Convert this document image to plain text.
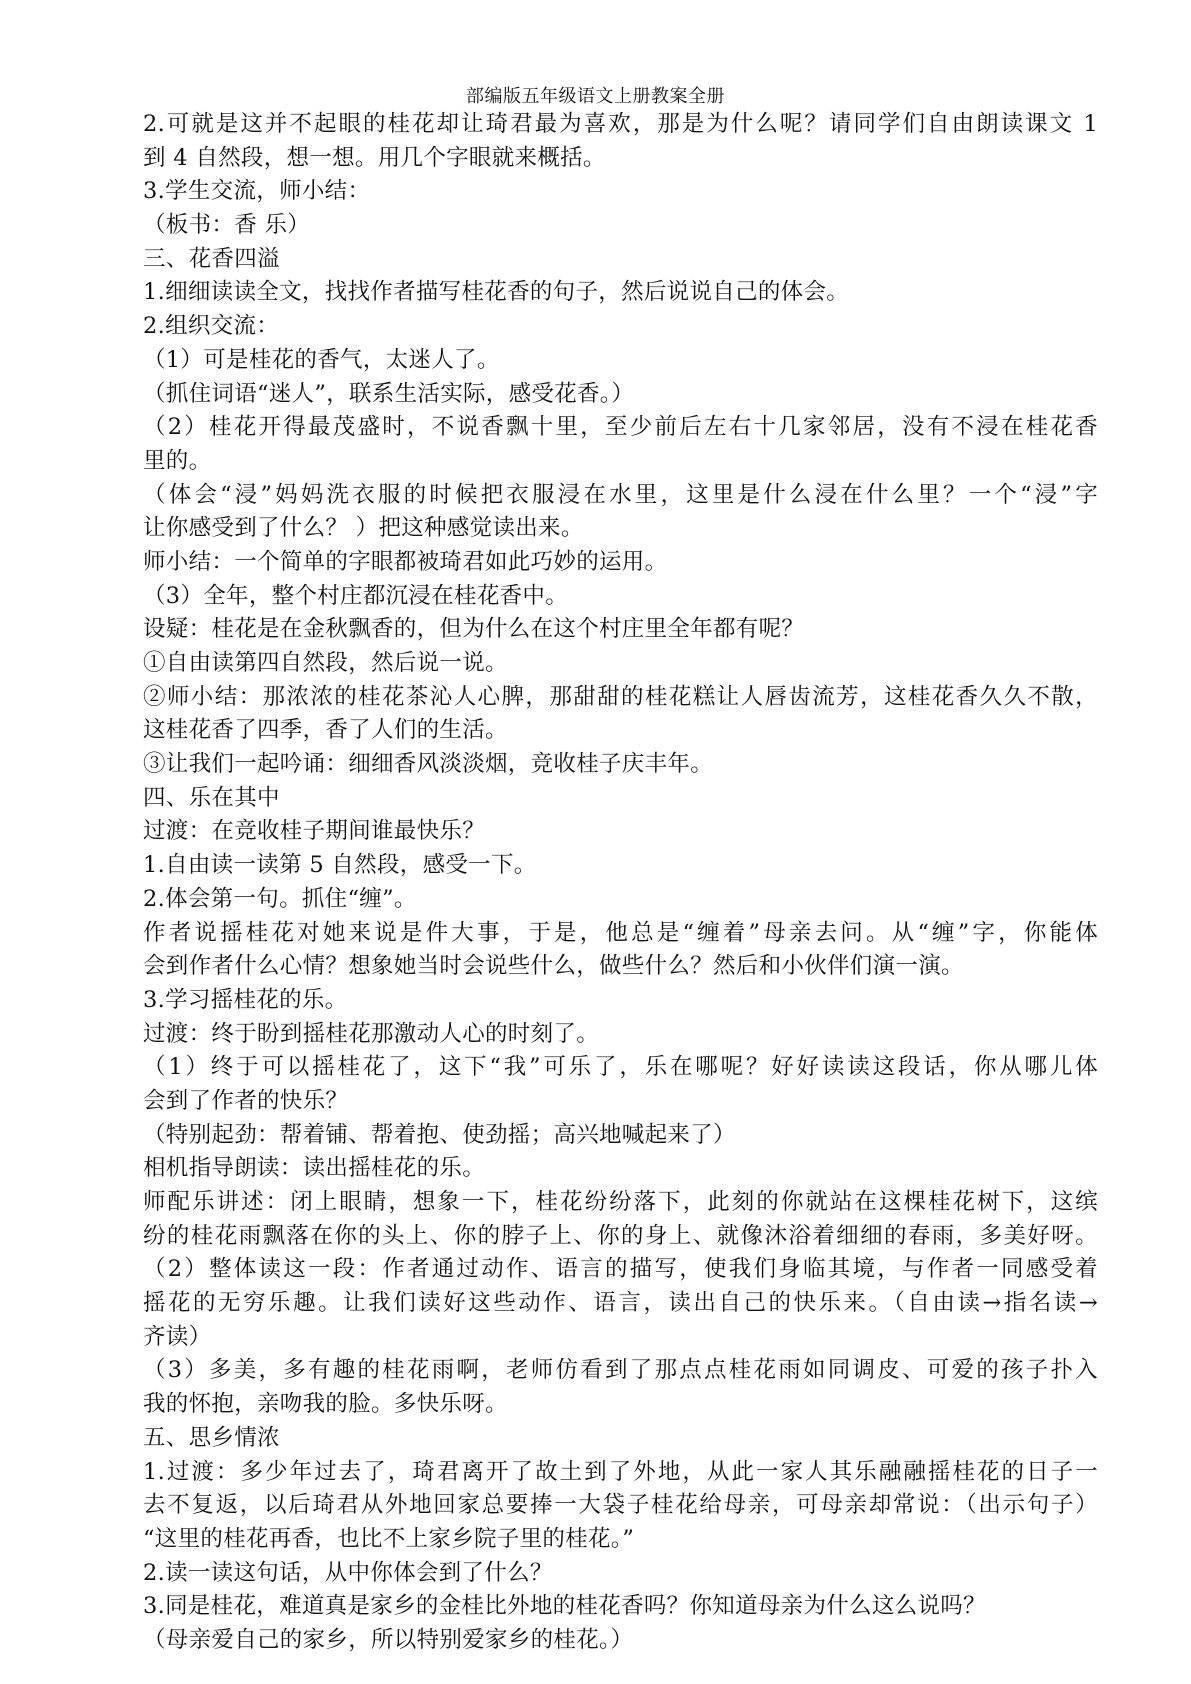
部编版五年级语文上册教案全册
2.可就是这并不起眼的桂花却让琦君最为喜欢，那是为什么呢？请同学们自由朗读课文 1
到 4 自然段，想一想。用几个字眼就来概括。
3.学生交流，师小结：
（板书：香 乐）
三、花香四溢
1.细细读读全文，找找作者描写桂花香的句子，然后说说自己的体会。
2.组织交流：
（1）可是桂花的香气，太迷人了。
（抓住词语“迷人”，联系生活实际，感受花香。）
（2）桂花开得最茂盛时，不说香飘十里，至少前后左右十几家邻居，没有不浸在桂花香
里的。
（体会“浸”妈妈洗衣服的时候把衣服浸在水里，这里是什么浸在什么里？一个“浸”字
让你感受到了什么？ ）把这种感觉读出来。
师小结：一个简单的字眼都被琦君如此巧妙的运用。
（3）全年，整个村庄都沉浸在桂花香中。
设疑：桂花是在金秋飘香的，但为什么在这个村庄里全年都有呢？
①自由读第四自然段，然后说一说。
②师小结：那浓浓的桂花茶沁人心脾，那甜甜的桂花糕让人唇齿流芳，这桂花香久久不散，
这桂花香了四季，香了人们的生活。
③让我们一起吟诵：细细香风淡淡烟，竞收桂子庆丰年。
四、乐在其中
过渡：在竞收桂子期间谁最快乐？
1.自由读一读第 5 自然段，感受一下。
2.体会第一句。抓住“缠”。
作者说摇桂花对她来说是件大事，于是，他总是“缠着”母亲去问。从“缠”字，你能体
会到作者什么心情？想象她当时会说些什么，做些什么？然后和小伙伴们演一演。
3.学习摇桂花的乐。
过渡：终于盼到摇桂花那激动人心的时刻了。
（1）终于可以摇桂花了，这下“我”可乐了，乐在哪呢？好好读读这段话，你从哪儿体
会到了作者的快乐？
（特别起劲：帮着铺、帮着抱、使劲摇；高兴地喊起来了）
相机指导朗读：读出摇桂花的乐。
师配乐讲述：闭上眼睛，想象一下，桂花纷纷落下，此刻的你就站在这棵桂花树下，这缤
纷的桂花雨飘落在你的头上、你的脖子上、你的身上、就像沐浴着细细的春雨，多美好呀。
（2）整体读这一段：作者通过动作、语言的描写，使我们身临其境，与作者一同感受着
摇花的无穷乐趣。让我们读好这些动作、语言，读出自己的快乐来。（自由读→指名读→
齐读）
（3）多美，多有趣的桂花雨啊，老师仿看到了那点点桂花雨如同调皮、可爱的孩子扑入
我的怀抱，亲吻我的脸。多快乐呀。
五、思乡情浓
1.过渡：多少年过去了，琦君离开了故土到了外地，从此一家人其乐融融摇桂花的日子一
去不复返，以后琦君从外地回家总要捧一大袋子桂花给母亲，可母亲却常说：（出示句子）
“这里的桂花再香，也比不上家乡院子里的桂花。”
2.读一读这句话，从中你体会到了什么？
3.同是桂花，难道真是家乡的金桂比外地的桂花香吗？你知道母亲为什么这么说吗？
（母亲爱自己的家乡，所以特别爱家乡的桂花。）
